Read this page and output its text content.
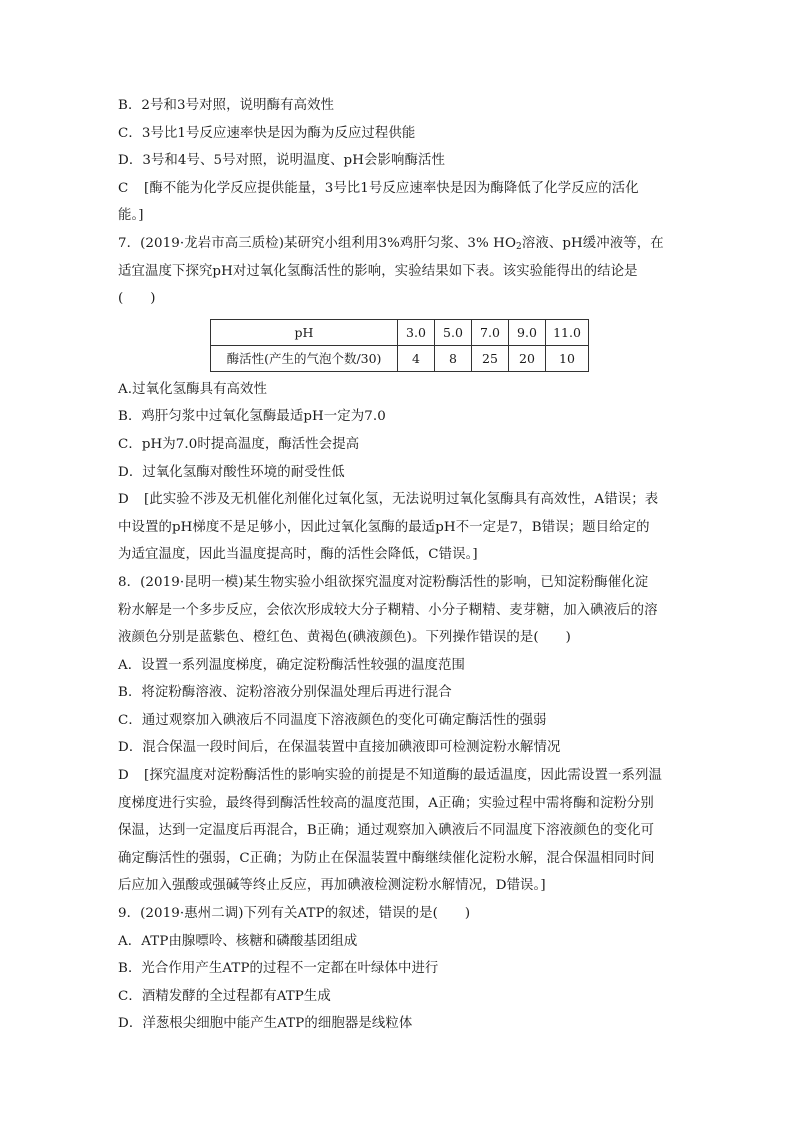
B．2号和3号对照，说明酶有高效性
C．3号比1号反应速率快是因为酶为反应过程供能
D．3号和4号、5号对照，说明温度、pH会影响酶活性
C [酶不能为化学反应提供能量，3号比1号反应速率快是因为酶降低了化学反应的活化
能。]
7．(2019·龙岩市高三质检)某研究小组利用3%鸡肝匀浆、3% $HO_2$溶液、pH缓冲液等，在
适宜温度下探究pH对过氧化氢酶活性的影响，实验结果如下表。该实验能得出的结论是
(　　)
pH	3.0	5.0	7.0	9.0	11.0
酶活性(产生的气泡个数/30)	4	8	25	20	10
A.过氧化氢酶具有高效性
B．鸡肝匀浆中过氧化氢酶最适pH一定为7.0
C．pH为7.0时提高温度，酶活性会提高
D．过氧化氢酶对酸性环境的耐受性低
D [此实验不涉及无机催化剂催化过氧化氢，无法说明过氧化氢酶具有高效性，A错误；表
中设置的pH梯度不是足够小，因此过氧化氢酶的最适pH不一定是7，B错误；题目给定的
为适宜温度，因此当温度提高时，酶的活性会降低，C错误。]
8．(2019·昆明一模)某生物实验小组欲探究温度对淀粉酶活性的影响，已知淀粉酶催化淀
粉水解是一个多步反应，会依次形成较大分子糊精、小分子糊精、麦芽糖，加入碘液后的溶
液颜色分别是蓝紫色、橙红色、黄褐色(碘液颜色)。下列操作错误的是(　　)
A．设置一系列温度梯度，确定淀粉酶活性较强的温度范围
B．将淀粉酶溶液、淀粉溶液分别保温处理后再进行混合
C．通过观察加入碘液后不同温度下溶液颜色的变化可确定酶活性的强弱
D．混合保温一段时间后，在保温装置中直接加碘液即可检测淀粉水解情况
D [探究温度对淀粉酶活性的影响实验的前提是不知道酶的最适温度，因此需设置一系列温
度梯度进行实验，最终得到酶活性较高的温度范围，A正确；实验过程中需将酶和淀粉分别
保温，达到一定温度后再混合，B正确；通过观察加入碘液后不同温度下溶液颜色的变化可
确定酶活性的强弱，C正确；为防止在保温装置中酶继续催化淀粉水解，混合保温相同时间
后应加入强酸或强碱等终止反应，再加碘液检测淀粉水解情况，D错误。]
9．(2019·惠州二调)下列有关ATP的叙述，错误的是(　　)
A．ATP由腺嘌呤、核糖和磷酸基团组成
B．光合作用产生ATP的过程不一定都在叶绿体中进行
C．酒精发酵的全过程都有ATP生成
D．洋葱根尖细胞中能产生ATP的细胞器是线粒体
